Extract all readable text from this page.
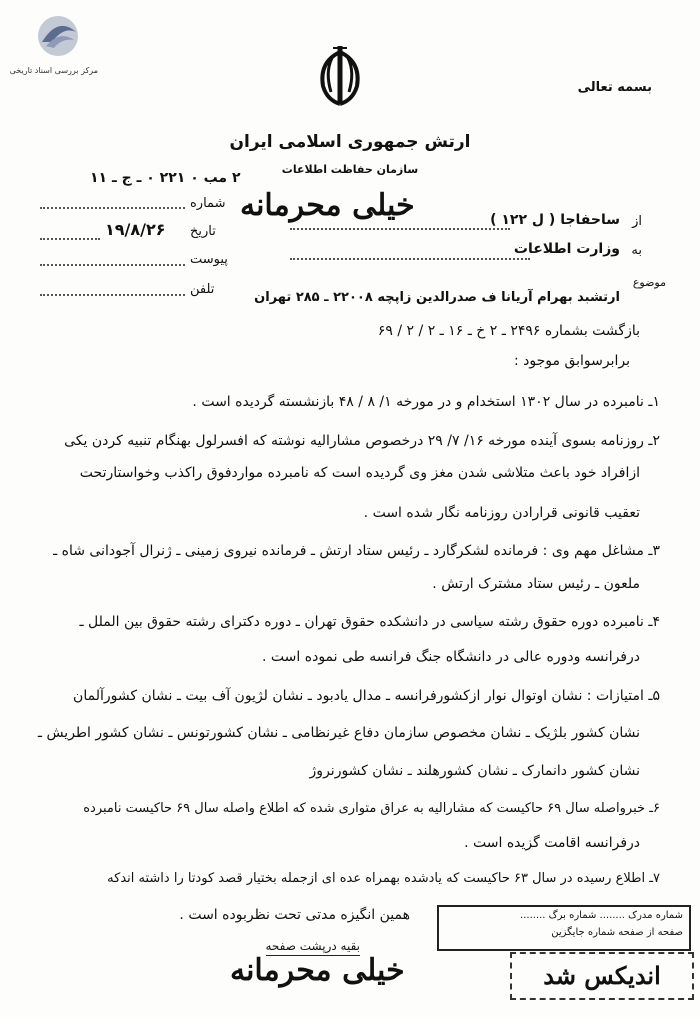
مرکز بررسی اسناد تاریخی
بسمه تعالی
ارتش جمهوری اسلامی ایران
سازمان حفاظت اطلاعات
خیلی محرمانه
۲ مب ۰ ۲۲۱ ۰ ـ ج ـ ۱۱
شماره
تاریخ
۱۹/۸/۲۶
پیوست
تلفن
از
ساحفاجا ( ل ۱۲۲ )
به
وزارت اطلاعات
موضوع
ارتشبد بهرام آریانا ف صدرالدین زاپچه ۲۲۰۰۸ ـ ۲۸۵ تهران
بازگشت بشماره ۲۴۹۶ ـ ۲ خ ـ ۱۶ ـ ۲ / ۲ / ۶۹
برابرسوابق موجود :
۱ـ نامبرده در سال ۱۳۰۲ استخدام و در مورخه ۱/ ۸ / ۴۸ بازنشسته گردیده است .
۲ـ روزنامه بسوی آینده مورخه ۱۶/ ۷/ ۲۹ درخصوص مشارالیه نوشته که افسرلول بهنگام تنبیه کردن یکی
ازافراد خود باعث متلاشی شدن مغز وی گردیده است که نامبرده مواردفوق راکذب وخواستارتحت
تعقیب قانونی قرارادن روزنامه نگار شده است .
۳ـ مشاغل مهم وی : فرمانده لشکرگارد ـ رئیس ستاد ارتش ـ فرمانده نیروی زمینی ـ ژنرال آجودانی شاه ـ
ملعون ـ رئیس ستاد مشترک ارتش .
۴ـ نامبرده دوره حقوق رشته سیاسی در دانشکده حقوق تهران ـ دوره دکترای رشته حقوق بین الملل ـ
درفرانسه ودوره عالی در دانشگاه جنگ فرانسه طی نموده است .
۵ـ امتیازات : نشان اوتوال نوار ازکشورفرانسه ـ مدال یادبود ـ نشان لژیون آف بیت ـ نشان کشورآلمان
نشان کشور بلژیک ـ نشان مخصوص سازمان دفاع غیرنظامی ـ نشان کشورتونس ـ نشان کشور اطریش ـ
نشان کشور دانمارک ـ نشان کشورهلند ـ نشان کشورنروژ
۶ـ خبرواصله سال ۶۹ حاکیست که مشارالیه به عراق متواری شده که اطلاع واصله سال ۶۹ حاکیست نامبرده
درفرانسه اقامت گزیده است .
۷ـ اطلاع رسیده در سال ۶۳ حاکیست که یادشده بهمراه عده ای ازجمله بختیار قصد کودتا را داشته اندکه
همین انگیزه مدتی تحت نظربوده است .
بقیه درپشت صفحه
شماره مدرک ........ شماره برگ ........
صفحه از صفحه شماره جایگزین
اندیکس شد
خیلی محرمانه
